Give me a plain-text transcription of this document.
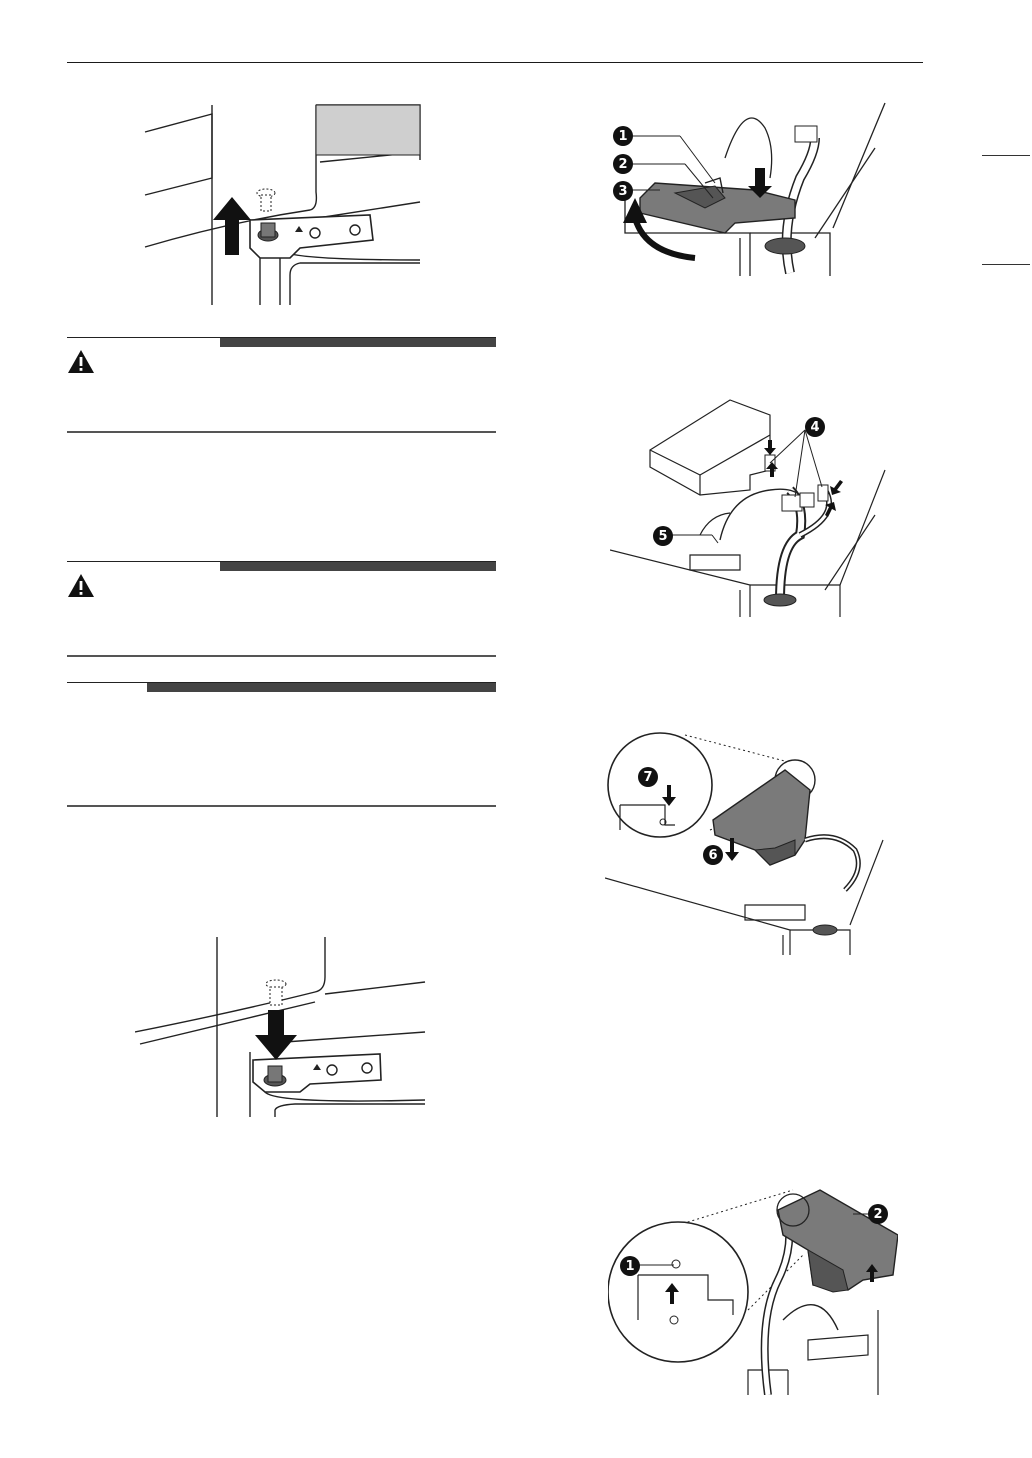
1
2
3
4
5
7
6
1
2
